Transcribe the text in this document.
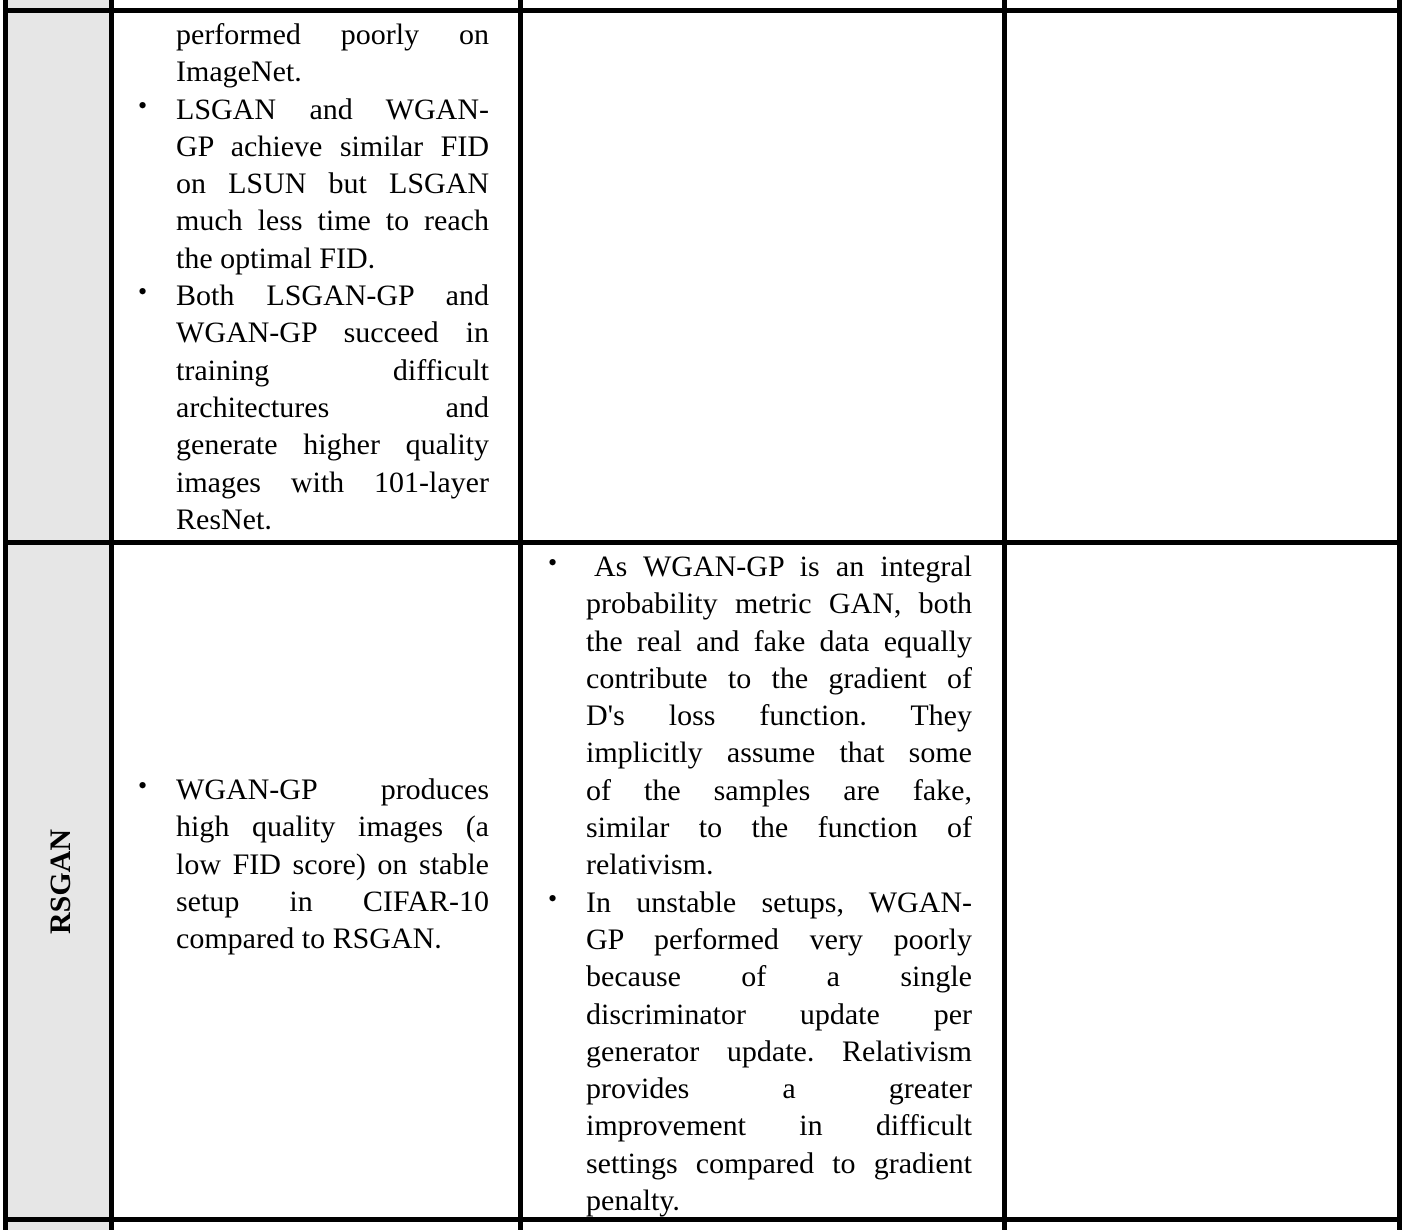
performed poorly on
ImageNet.
• LSGAN and WGAN-
GP achieve similar FID
on LSUN but LSGAN
much less time to reach
the optimal FID.
• Both LSGAN-GP and
WGAN-GP succeed in
training difficult
architectures and
generate higher quality
images with 101-layer
ResNet.
RSGAN
• WGAN-GP produces
high quality images (a
low FID score) on stable
setup in CIFAR-10
compared to RSGAN.
• As WGAN-GP is an integral
probability metric GAN, both
the real and fake data equally
contribute to the gradient of
D's loss function. They
implicitly assume that some
of the samples are fake,
similar to the function of
relativism.
• In unstable setups, WGAN-
GP performed very poorly
because of a single
discriminator update per
generator update. Relativism
provides a greater
improvement in difficult
settings compared to gradient
penalty.
